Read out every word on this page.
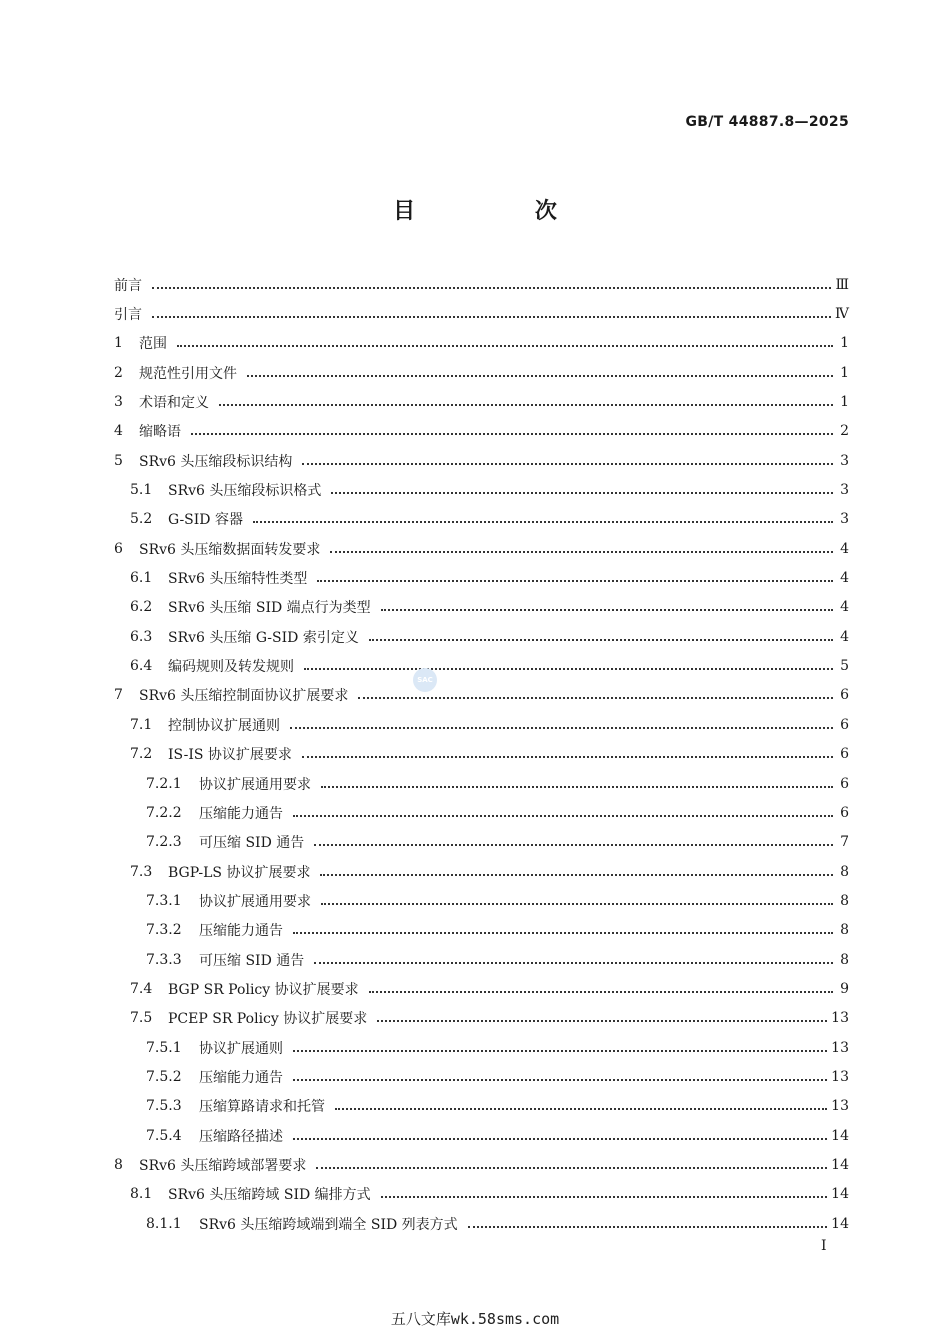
GB/T 44887.8—2025
目 次
前言	Ⅲ
引言	Ⅳ
1	范围	1
2	规范性引用文件	1
3	术语和定义	1
4	缩略语	2
5	SRv6 头压缩段标识结构	3
5.1	SRv6 头压缩段标识格式	3
5.2	G-SID 容器	3
6	SRv6 头压缩数据面转发要求	4
6.1	SRv6 头压缩特性类型	4
6.2	SRv6 头压缩 SID 端点行为类型	4
6.3	SRv6 头压缩 G-SID 索引定义	4
6.4	编码规则及转发规则	5
7	SRv6 头压缩控制面协议扩展要求	6
7.1	控制协议扩展通则	6
7.2	IS-IS 协议扩展要求	6
7.2.1	协议扩展通用要求	6
7.2.2	压缩能力通告	6
7.2.3	可压缩 SID 通告	7
7.3	BGP-LS 协议扩展要求	8
7.3.1	协议扩展通用要求	8
7.3.2	压缩能力通告	8
7.3.3	可压缩 SID 通告	8
7.4	BGP SR Policy 协议扩展要求	9
7.5	PCEP SR Policy 协议扩展要求	13
7.5.1	协议扩展通则	13
7.5.2	压缩能力通告	13
7.5.3	压缩算路请求和托管	13
7.5.4	压缩路径描述	14
8	SRv6 头压缩跨域部署要求	14
8.1	SRv6 头压缩跨域 SID 编排方式	14
8.1.1	SRv6 头压缩跨域端到端全 SID 列表方式	14
SAC
Ⅰ
五八文库wk.58sms.com
